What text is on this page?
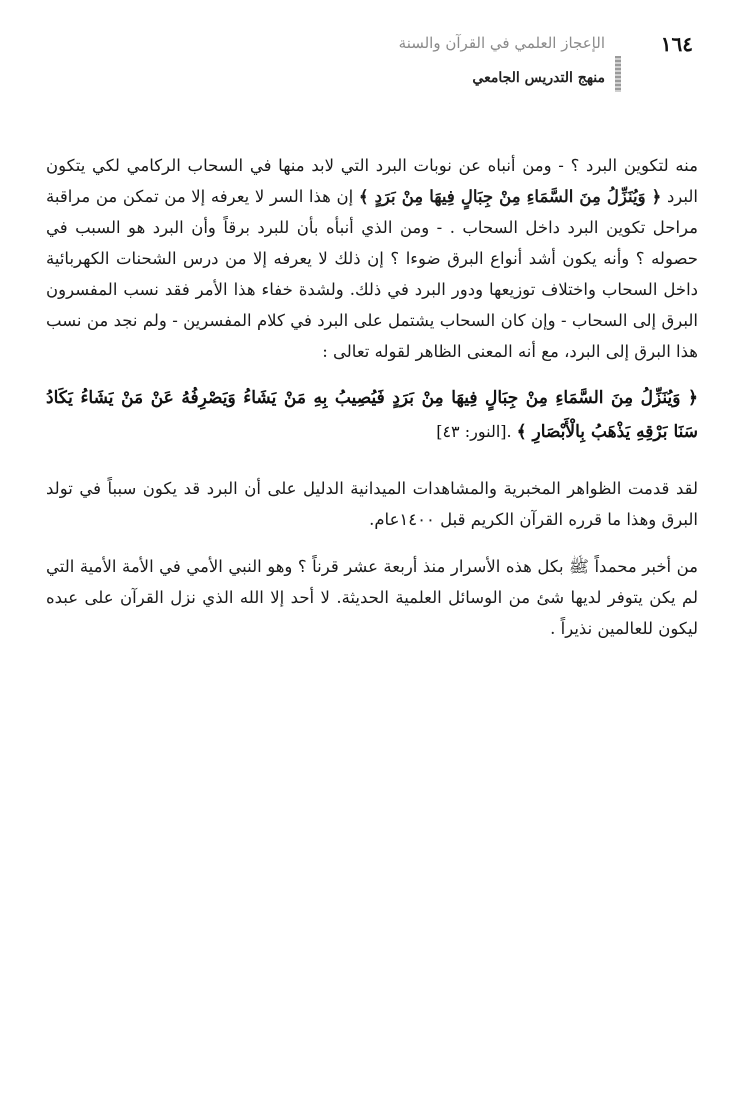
١٦٤
الإعجاز العلمي في القرآن والسنة
منهج التدريس الجامعي

منه لتكوين البرد ؟ - ومن أنباه عن نوبات البرد التي لابد منها في السحاب الركامي لكي يتكون البرد ﴿ وَيُنَزِّلُ مِنَ السَّمَاءِ مِنْ جِبَالٍ فِيهَا مِنْ بَرَدٍ ﴾ إن هذا السر لا يعرفه إلا من تمكن من مراقبة مراحل تكوين البرد داخل السحاب . - ومن الذي أنبأه بأن للبرد برقاً وأن البرد هو السبب في حصوله ؟ وأنه يكون أشد أنواع البرق ضوءا ؟ إن ذلك لا يعرفه إلا من درس الشحنات الكهربائية داخل السحاب واختلاف توزيعها ودور البرد في ذلك. ولشدة خفاء هذا الأمر فقد نسب المفسرون البرق إلى السحاب - وإن كان السحاب يشتمل على البرد في كلام المفسرين - ولم نجد من نسب هذا البرق إلى البرد، مع أنه المعنى الظاهر لقوله تعالى :

﴿ وَيُنَزِّلُ مِنَ السَّمَاءِ مِنْ جِبَالٍ فِيهَا مِنْ بَرَدٍ فَيُصِيبُ بِهِ مَنْ يَشَاءُ وَيَصْرِفُهُ عَنْ مَنْ يَشَاءُ يَكَادُ سَنَا بَرْقِهِ يَذْهَبُ بِالْأَبْصَارِ ﴾ .[النور: ٤٣]

لقد قدمت الظواهر المخبرية والمشاهدات الميدانية الدليل على أن البرد قد يكون سبباً في تولد البرق وهذا ما قرره القرآن الكريم قبل ١٤٠٠عام.

من أخبر محمداً ﷺ بكل هذه الأسرار منذ أربعة عشر قرناً ؟ وهو النبي الأمي في الأمة الأمية التي لم يكن يتوفر لديها شئ من الوسائل العلمية الحديثة. لا أحد إلا الله الذي نزل القرآن على عبده ليكون للعالمين نذيراً .
